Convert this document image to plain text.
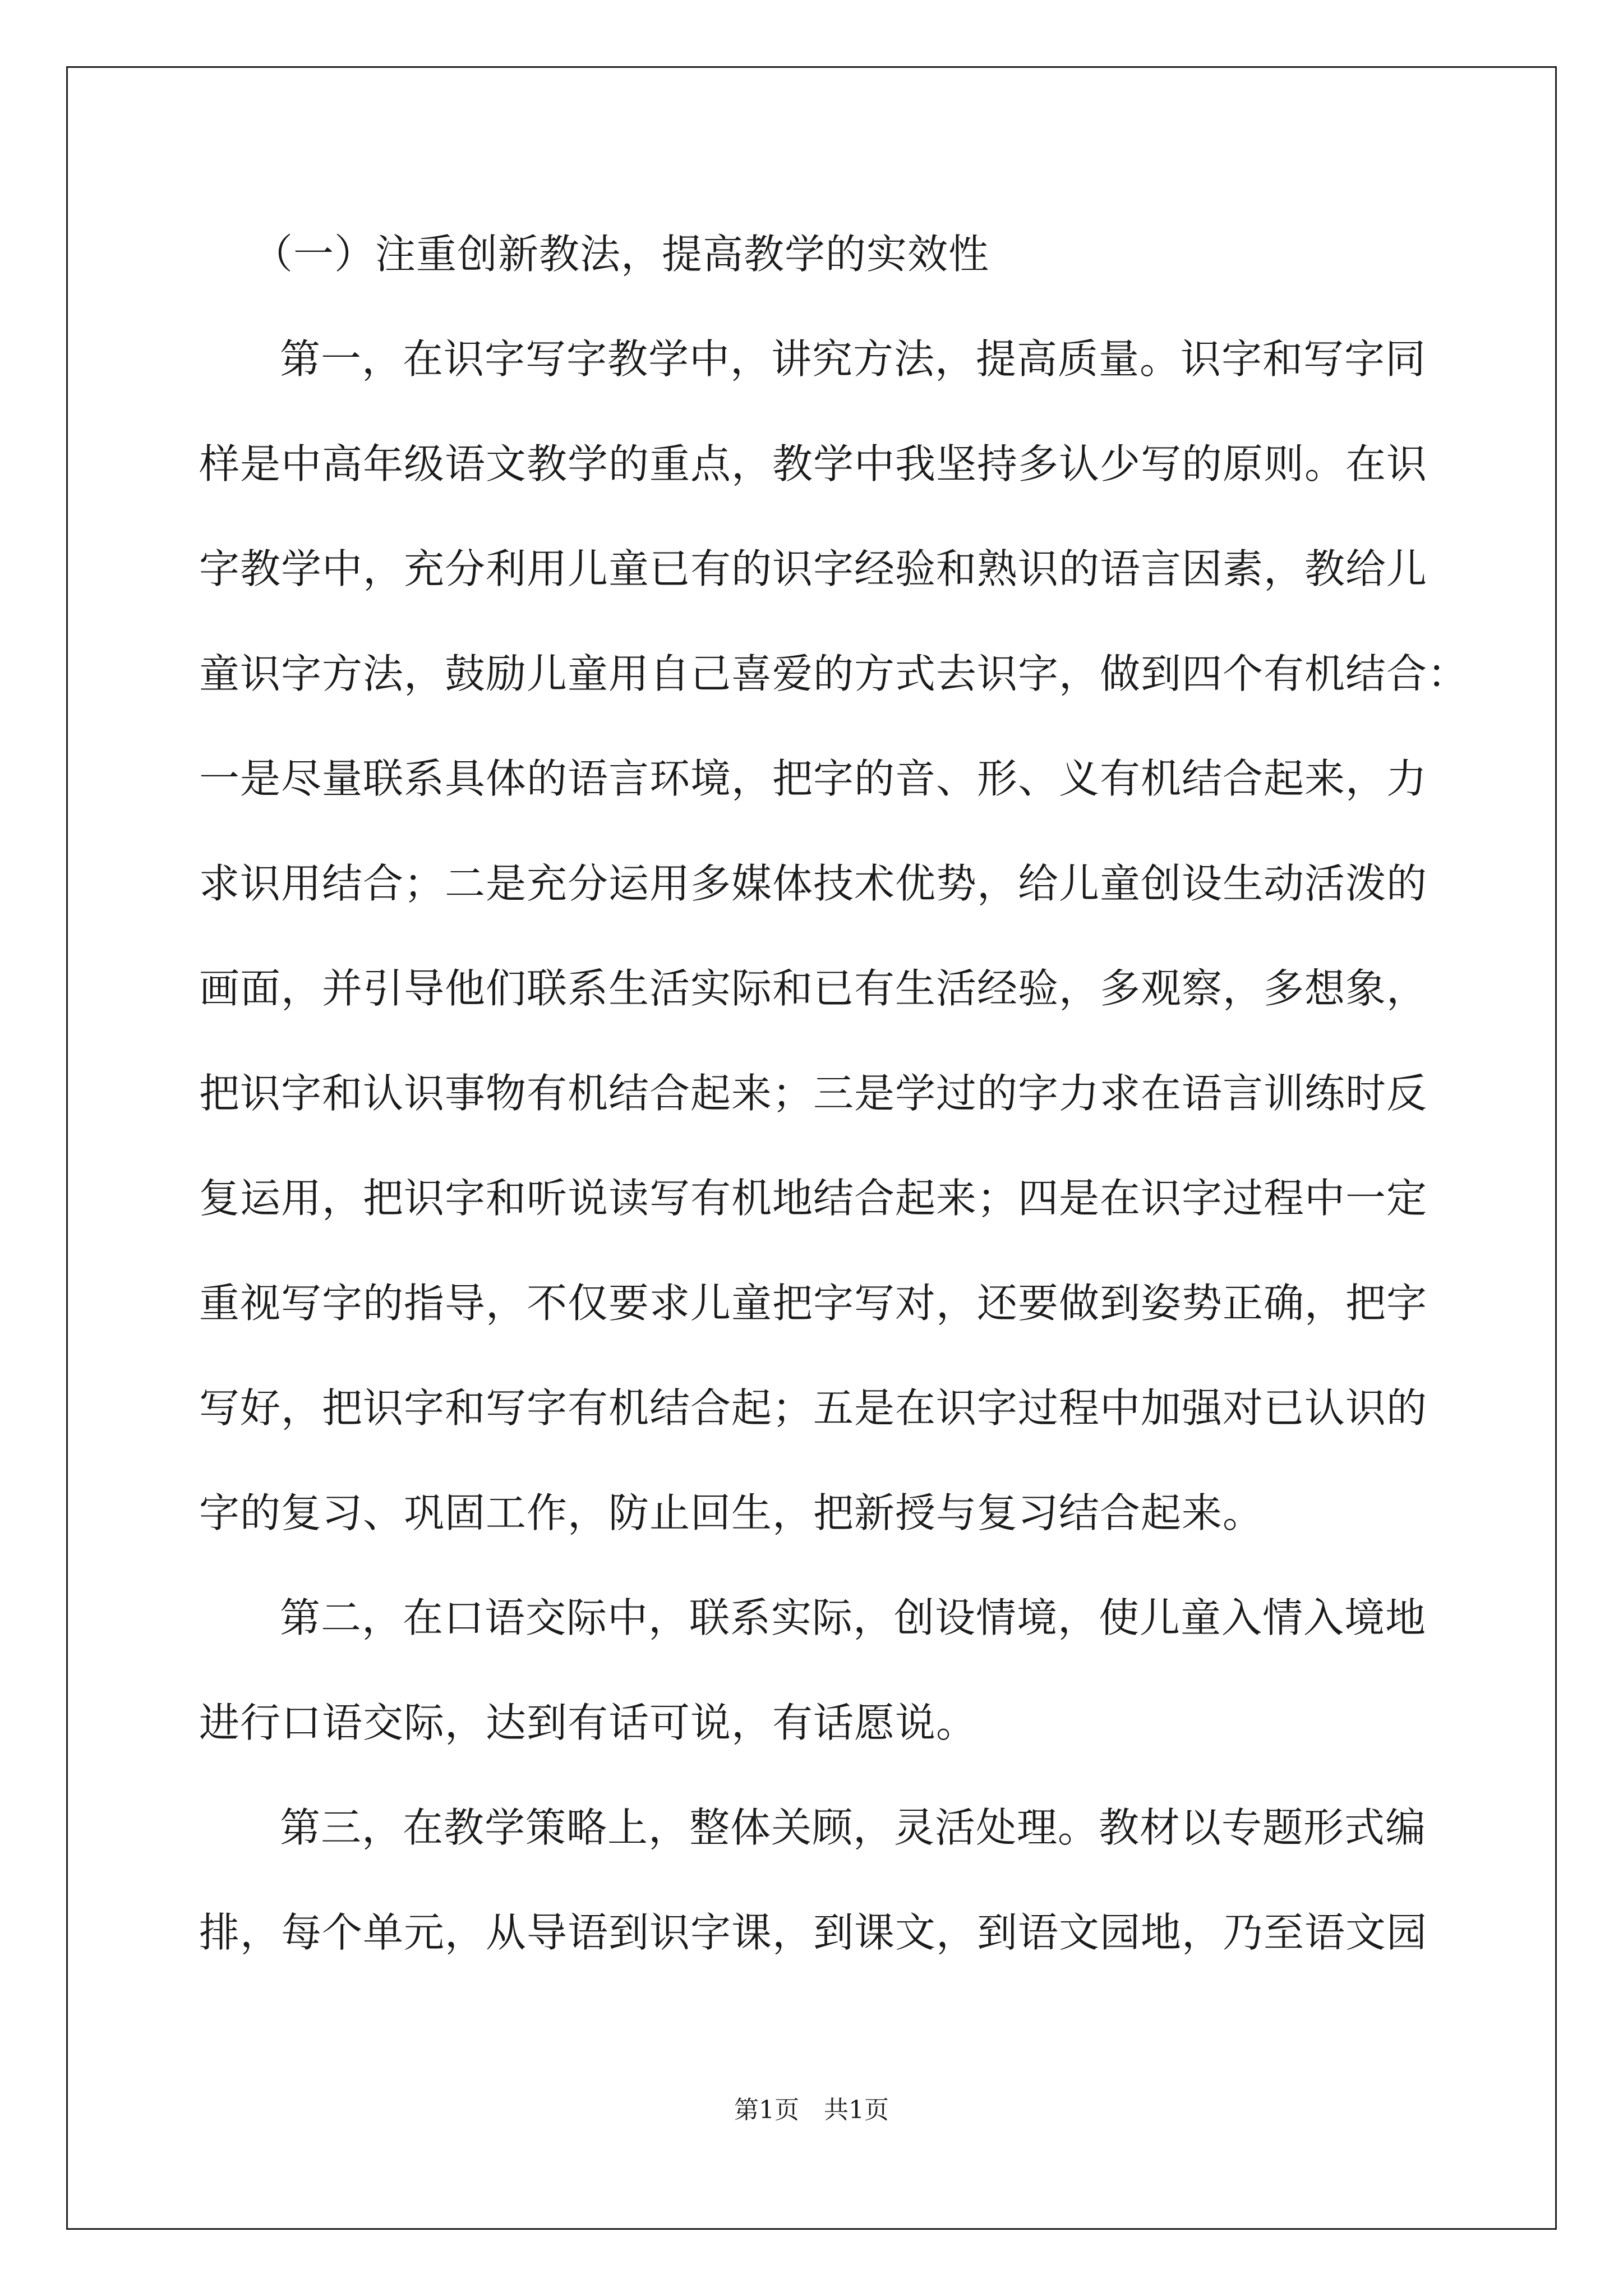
（一）注重创新教法，提高教学的实效性
第一，在识字写字教学中，讲究方法，提高质量。识字和写字同
样是中高年级语文教学的重点，教学中我坚持多认少写的原则。在识
字教学中，充分利用儿童已有的识字经验和熟识的语言因素，教给儿
童识字方法，鼓励儿童用自己喜爱的方式去识字，做到四个有机结合：
一是尽量联系具体的语言环境，把字的音、形、义有机结合起来，力
求识用结合；二是充分运用多媒体技术优势，给儿童创设生动活泼的
画面，并引导他们联系生活实际和已有生活经验，多观察，多想象，
把识字和认识事物有机结合起来；三是学过的字力求在语言训练时反
复运用，把识字和听说读写有机地结合起来；四是在识字过程中一定
重视写字的指导，不仅要求儿童把字写对，还要做到姿势正确，把字
写好，把识字和写字有机结合起；五是在识字过程中加强对已认识的
字的复习、巩固工作，防止回生，把新授与复习结合起来。
第二，在口语交际中，联系实际，创设情境，使儿童入情入境地
进行口语交际，达到有话可说，有话愿说。
第三，在教学策略上，整体关顾，灵活处理。教材以专题形式编
排，每个单元，从导语到识字课，到课文，到语文园地，乃至语文园
第1页 共1页
